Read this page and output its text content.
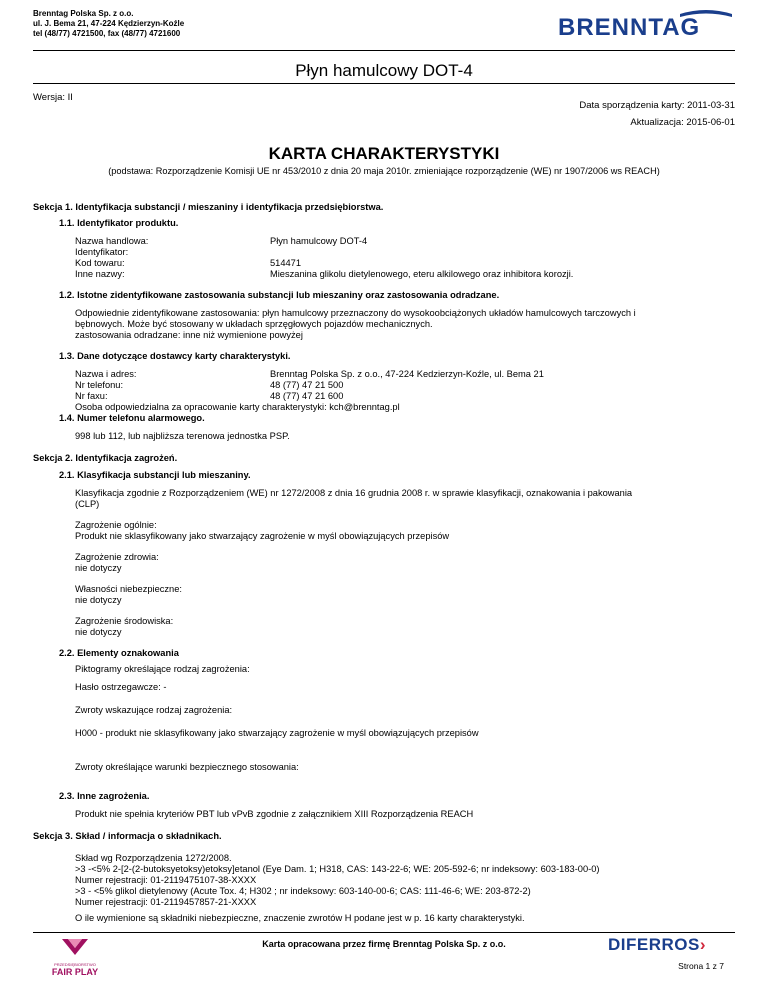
Brenntag Polska Sp. z o.o.
ul. J. Bema 21, 47-224 Kędzierzyn-Koźle
tel (48/77) 4721500, fax (48/77) 4721600	BRENNTAG
Płyn hamulcowy DOT-4
Wersja: II
Data sporządzenia karty: 2011-03-31
Aktualizacja: 2015-06-01
KARTA CHARAKTERYSTYKI
(podstawa: Rozporządzenie Komisji UE nr 453/2010 z dnia 20 maja 2010r. zmieniające rozporządzenie (WE) nr 1907/2006 ws REACH)
Sekcja 1. Identyfikacja substancji / mieszaniny i identyfikacja przedsiębiorstwa.
1.1. Identyfikator produktu.
Nazwa handlowa:	Płyn hamulcowy DOT-4
Identyfikator:
Kod towaru:	514471
Inne nazwy:	Mieszanina glikolu dietylenowego, eteru alkilowego oraz inhibitora korozji.
1.2. Istotne zidentyfikowane zastosowania substancji lub mieszaniny oraz zastosowania odradzane.
Odpowiednie zidentyfikowane zastosowania: płyn hamulcowy przeznaczony do wysokoobciążonych układów hamulcowych tarczowych i
bębnowych. Może być stosowany w układach sprzęgłowych pojazdów mechanicznych.
zastosowania odradzane: inne niż wymienione powyżej
1.3. Dane dotyczące dostawcy karty charakterystyki.
Nazwa i adres:	Brenntag Polska Sp. z o.o., 47-224 Kedzierzyn-Koźle, ul. Bema 21
Nr telefonu:	48 (77) 47 21 500
Nr faxu:	48 (77) 47 21 600
Osoba odpowiedzialna za opracowanie karty charakterystyki: kch@brenntag.pl
1.4. Numer telefonu alarmowego.
998 lub 112, lub najbliższa terenowa jednostka PSP.
Sekcja 2. Identyfikacja zagrożeń.
2.1. Klasyfikacja substancji lub mieszaniny.
Klasyfikacja zgodnie z Rozporządzeniem (WE) nr 1272/2008 z dnia 16 grudnia 2008 r. w sprawie klasyfikacji, oznakowania i pakowania
(CLP)
Zagrożenie ogólnie:
Produkt nie sklasyfikowany jako stwarzający zagrożenie w myśl obowiązujących przepisów
Zagrożenie zdrowia:
nie dotyczy
Własności niebezpieczne:
nie dotyczy
Zagrożenie środowiska:
nie dotyczy
2.2. Elementy oznakowania
Piktogramy określające rodzaj zagrożenia:
Hasło ostrzegawcze: -
Zwroty wskazujące rodzaj zagrożenia:
H000 - produkt nie sklasyfikowany jako stwarzający zagrożenie w myśl obowiązujących przepisów
Zwroty określające warunki bezpiecznego stosowania:
2.3. Inne zagrożenia.
Produkt nie spełnia kryteriów PBT lub vPvB zgodnie z załącznikiem XIII Rozporządzenia REACH
Sekcja 3. Skład / informacja o składnikach.
Skład wg Rozporządzenia 1272/2008.
>3 -<5% 2-[2-(2-butoksyetoksy)etoksy]etanol (Eye Dam. 1; H318, CAS: 143-22-6; WE: 205-592-6; nr indeksowy: 603-183-00-0)
Numer rejestracji: 01-2119475107-38-XXXX
>3 - <5% glikol dietylenowy (Acute Tox. 4; H302 ; nr indeksowy: 603-140-00-6; CAS: 111-46-6; WE: 203-872-2)
Numer rejestracji: 01-2119457857-21-XXXX
O ile wymienione są składniki niebezpieczne, znaczenie zwrotów H podane jest w p. 16 karty charakterystyki.
PRZEDSIĘBIORSTWO
FAIR PLAY
Karta opracowana przez firmę Brenntag Polska Sp. z o.o.	DIFERROS›
Strona 1 z 7
